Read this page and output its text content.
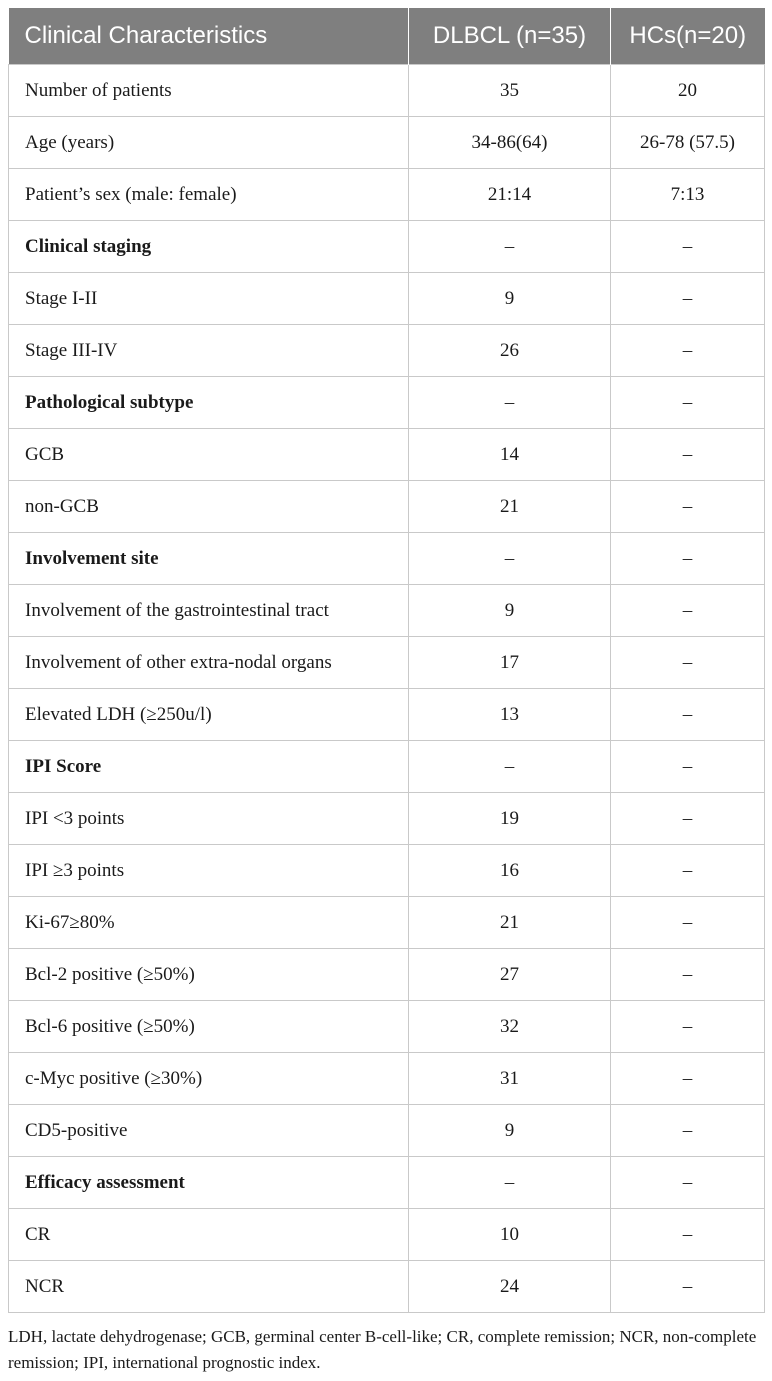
Clinical Characteristics	DLBCL (n=35)	HCs(n=20)
Number of patients	35	20
Age (years)	34-86(64)	26-78 (57.5)
Patient’s sex (male: female)	21:14	7:13
Clinical staging	–	–
Stage I-II	9	–
Stage III-IV	26	–
Pathological subtype	–	–
GCB	14	–
non-GCB	21	–
Involvement site	–	–
Involvement of the gastrointestinal tract	9	–
Involvement of other extra-nodal organs	17	–
Elevated LDH (≥250u/l)	13	–
IPI Score	–	–
IPI <3 points	19	–
IPI ≥3 points	16	–
Ki-67≥80%	21	–
Bcl-2 positive (≥50%)	27	–
Bcl-6 positive (≥50%)	32	–
c-Myc positive (≥30%)	31	–
CD5-positive	9	–
Efficacy assessment	–	–
CR	10	–
NCR	24	–

LDH, lactate dehydrogenase; GCB, germinal center B-cell-like; CR, complete remission; NCR, non-complete remission; IPI, international prognostic index.
